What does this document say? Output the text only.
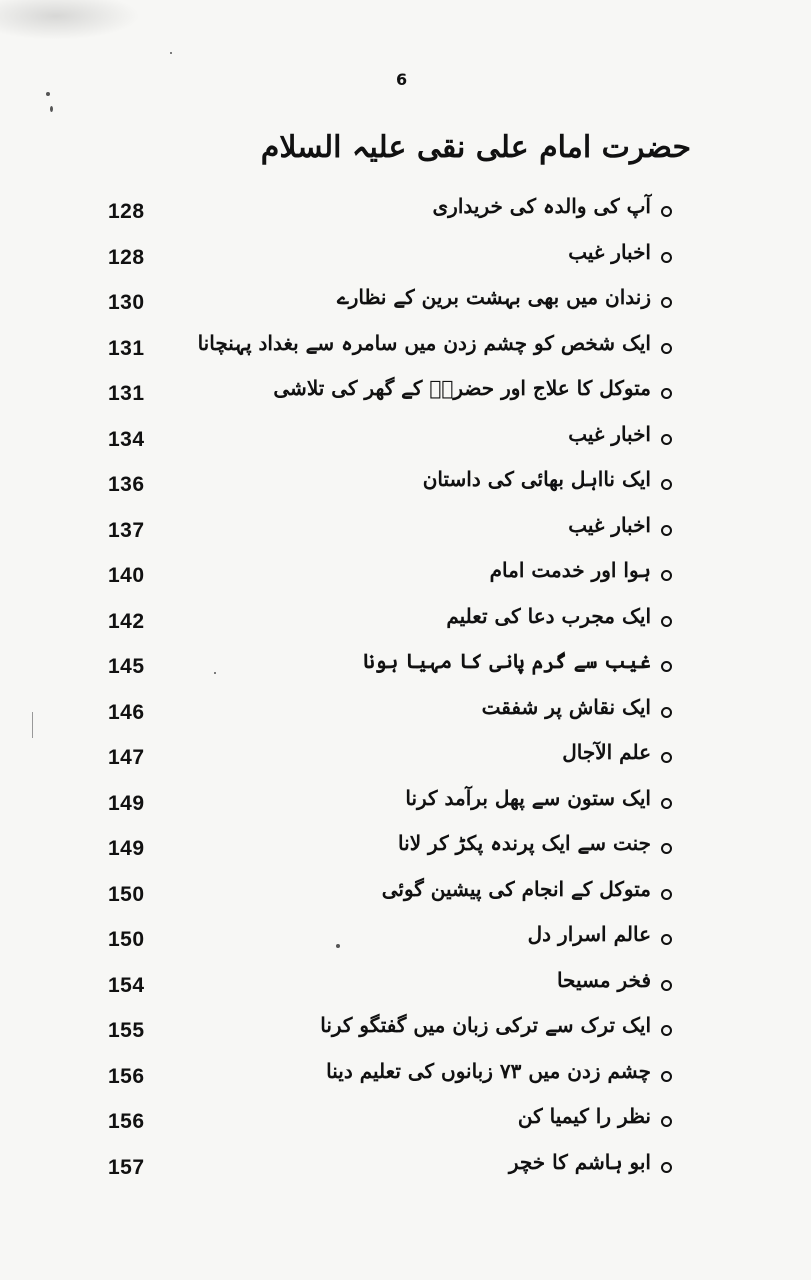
6
حضرت امام علی نقی علیہ السلام
128	آپ کی والدہ کی خریداری
128	اخبار غیب
130	زندان میں بھی بہشت برین کے نظارے
131	ایک شخص کو چشم زدن میں سامرہ سے بغداد پہنچانا
131	متوکل کا علاج اور حضرتؑ کے گھر کی تلاشی
134	اخبار غیب
136	ایک نااہل بھائی کی داستان
137	اخبار غیب
140	ہوا اور خدمت امام
142	ایک مجرب دعا کی تعلیم
145	غیب سے گرم پانی کا مہیا ہونا
146	ایک نقاش پر شفقت
147	علم الآجال
149	ایک ستون سے پھل برآمد کرنا
149	جنت سے ایک پرندہ پکڑ کر لانا
150	متوکل کے انجام کی پیشین گوئی
150	عالم اسرار دل
154	فخر مسیحا
155	ایک ترک سے ترکی زبان میں گفتگو کرنا
156	چشم زدن میں ۷۳ زبانوں کی تعلیم دینا
156	نظر را کیمیا کن
157	ابو ہاشم کا خچر
